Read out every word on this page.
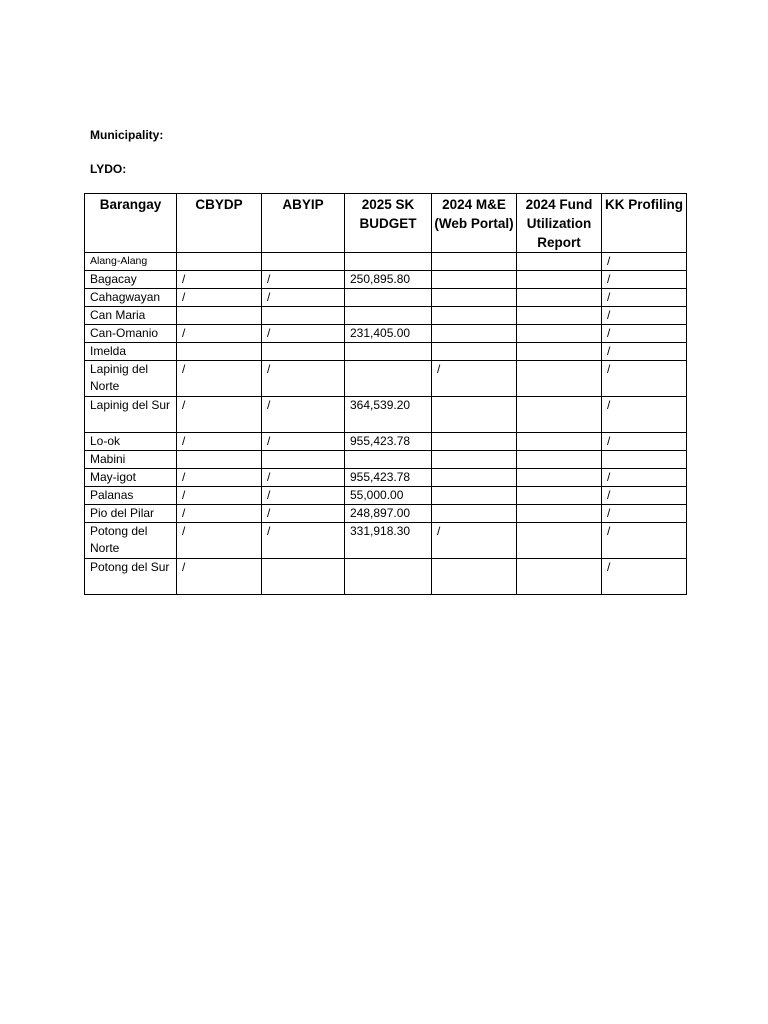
Municipality:
LYDO:
Barangay	CBYDP	ABYIP	2025 SK BUDGET	2024 M&E (Web Portal)	2024 Fund Utilization Report	KK Profiling
Alang-Alang						/
Bagacay	/	/	250,895.80			/
Cahagwayan	/	/				/
Can Maria						/
Can-Omanio	/	/	231,405.00			/
Imelda						/
Lapinig del Norte	/	/		/		/
Lapinig del Sur	/	/	364,539.20			/
Lo-ok	/	/	955,423.78			/
Mabini						
May-igot	/	/	955,423.78			/
Palanas	/	/	55,000.00			/
Pio del Pilar	/	/	248,897.00			/
Potong del Norte	/	/	331,918.30	/		/
Potong del Sur	/					/
